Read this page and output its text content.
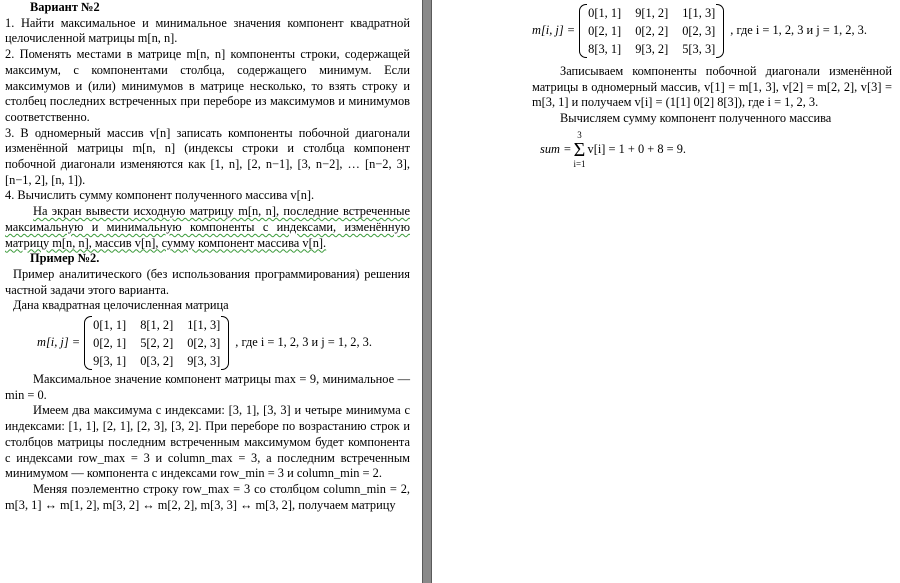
Вариант №2

1. Найти максимальное и минимальное значения компонент квадратной целочисленной матрицы m[n, n].

2. Поменять местами в матрице m[n, n] компоненты строки, содержащей максимум, с компонентами столбца, содержащего минимум. Если максимумов и (или) минимумов в матрице несколько, то взять строку и столбец последних встреченных при переборе из максимумов и минимумов соответственно.

3. В одномерный массив v[n] записать компоненты побочной диагонали изменённой матрицы m[n, n] (индексы строки и столбца компонент побочной диагонали изменяются как [1, n], [2, n−1], [3, n−2], … [n−2, 3], [n−1, 2], [n, 1]).

4. Вычислить сумму компонент полученного массива v[n].

На экран вывести исходную матрицу m[n, n], последние встреченные максимальную и минимальную компоненты с индексами, изменённую матрицу m[n, n], массив v[n], сумму компонент массива v[n].

Пример №2.

Пример аналитического (без использования программирования) решения частной задачи этого варианта.

Дана квадратная целочисленная матрица

m[i, j] =
0[1, 1] 8[1, 2] 1[1, 3]
0[2, 1] 5[2, 2] 0[2, 3]
9[3, 1] 0[3, 2] 9[3, 3]
, где i = 1, 2, 3 и j = 1, 2, 3.

Максимальное значение компонент матрицы max = 9, минимальное — min = 0.

Имеем два максимума с индексами: [3, 1], [3, 3] и четыре минимума с индексами: [1, 1], [2, 1], [2, 3], [3, 2]. При переборе по возрастанию строк и столбцов матрицы последним встреченным максимумом будет компонента с индексами row_max = 3 и column_max = 3, а последним встреченным минимумом — компонента с индексами row_min = 3 и column_min = 2.

Меняя поэлементно строку row_max = 3 со столбцом column_min = 2, m[3, 1] ↔ m[1, 2], m[3, 2] ↔ m[2, 2], m[3, 3] ↔ m[3, 2], получаем матрицу

m[i, j] =
0[1, 1] 9[1, 2] 1[1, 3]
0[2, 1] 0[2, 2] 0[2, 3]
8[3, 1] 9[3, 2] 5[3, 3]
, где i = 1, 2, 3 и j = 1, 2, 3.

Записываем компоненты побочной диагонали изменённой матрицы в одномерный массив, v[1] = m[1, 3], v[2] = m[2, 2], v[3] = m[3, 1] и получаем v[i] = (1[1] 0[2] 8[3]), где i = 1, 2, 3.

Вычисляем сумму компонент полученного массива

sum =
3
Σ
i=1
v[i] = 1 + 0 + 8 = 9.
